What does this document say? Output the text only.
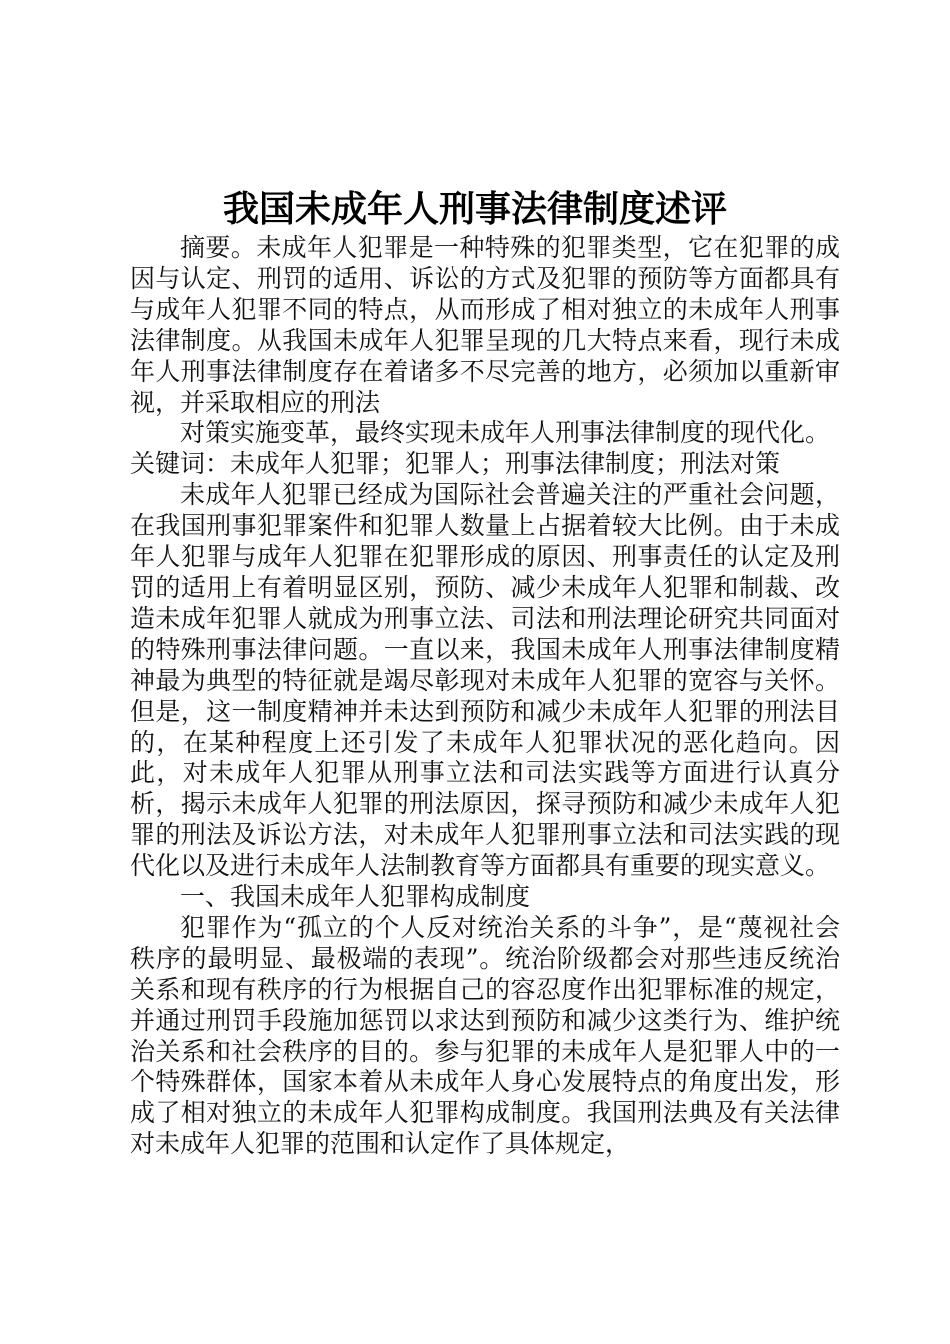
我国未成年人刑事法律制度述评

摘要。未成年人犯罪是一种特殊的犯罪类型，它在犯罪的成因与认定、刑罚的适用、诉讼的方式及犯罪的预防等方面都具有与成年人犯罪不同的特点，从而形成了相对独立的未成年人刑事法律制度。从我国未成年人犯罪呈现的几大特点来看，现行未成年人刑事法律制度存在着诸多不尽完善的地方，必须加以重新审视，并采取相应的刑法

对策实施变革，最终实现未成年人刑事法律制度的现代化。

关键词：未成年人犯罪；犯罪人；刑事法律制度；刑法对策

未成年人犯罪已经成为国际社会普遍关注的严重社会问题，在我国刑事犯罪案件和犯罪人数量上占据着较大比例。由于未成年人犯罪与成年人犯罪在犯罪形成的原因、刑事责任的认定及刑罚的适用上有着明显区别，预防、减少未成年人犯罪和制裁、改造未成年犯罪人就成为刑事立法、司法和刑法理论研究共同面对的特殊刑事法律问题。一直以来，我国未成年人刑事法律制度精神最为典型的特征就是竭尽彰现对未成年人犯罪的宽容与关怀。但是，这一制度精神并未达到预防和减少未成年人犯罪的刑法目的，在某种程度上还引发了未成年人犯罪状况的恶化趋向。因此，对未成年人犯罪从刑事立法和司法实践等方面进行认真分析，揭示未成年人犯罪的刑法原因，探寻预防和减少未成年人犯罪的刑法及诉讼方法，对未成年人犯罪刑事立法和司法实践的现代化以及进行未成年人法制教育等方面都具有重要的现实意义。

一、我国未成年人犯罪构成制度

犯罪作为“孤立的个人反对统治关系的斗争”，是“蔑视社会秩序的最明显、最极端的表现”。统治阶级都会对那些违反统治关系和现有秩序的行为根据自己的容忍度作出犯罪标准的规定，并通过刑罚手段施加惩罚以求达到预防和减少这类行为、维护统治关系和社会秩序的目的。参与犯罪的未成年人是犯罪人中的一个特殊群体，国家本着从未成年人身心发展特点的角度出发，形成了相对独立的未成年人犯罪构成制度。我国刑法典及有关法律对未成年人犯罪的范围和认定作了具体规定，
